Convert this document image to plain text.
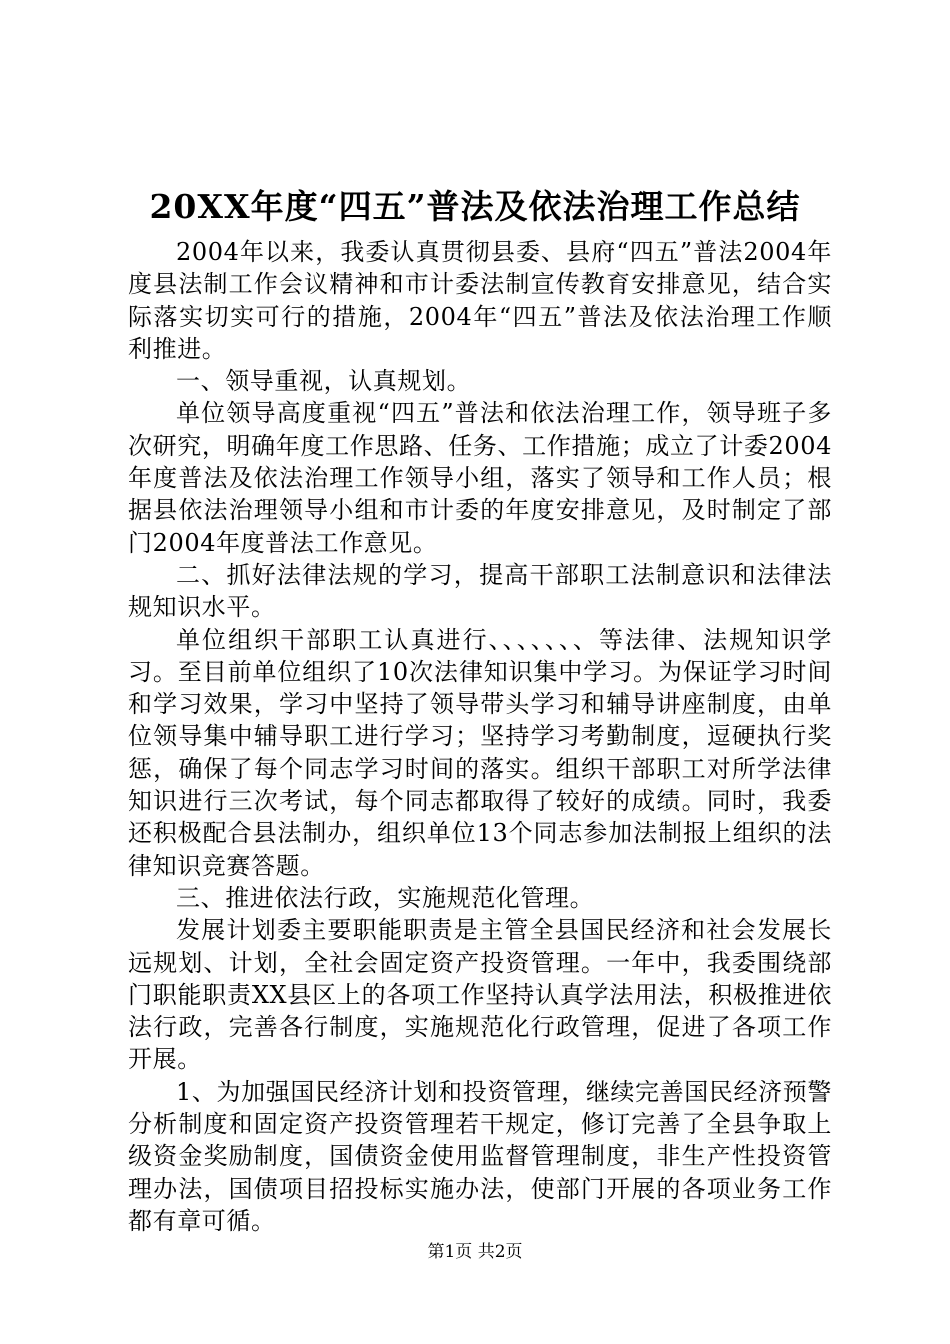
20XX年度“四五”普法及依法治理工作总结

2004年以来，我委认真贯彻县委、县府“四五”普法2004年度县法制工作会议精神和市计委法制宣传教育安排意见，结合实际落实切实可行的措施，2004年“四五”普法及依法治理工作顺利推进。

一、领导重视，认真规划。

单位领导高度重视“四五”普法和依法治理工作，领导班子多次研究，明确年度工作思路、任务、工作措施；成立了计委2004年度普法及依法治理工作领导小组，落实了领导和工作人员；根据县依法治理领导小组和市计委的年度安排意见，及时制定了部门2004年度普法工作意见。

二、抓好法律法规的学习，提高干部职工法制意识和法律法规知识水平。

单位组织干部职工认真进行、、、、、、、等法律、法规知识学习。至目前单位组织了10次法律知识集中学习。为保证学习时间和学习效果，学习中坚持了领导带头学习和辅导讲座制度，由单位领导集中辅导职工进行学习；坚持学习考勤制度，逗硬执行奖惩，确保了每个同志学习时间的落实。组织干部职工对所学法律知识进行三次考试，每个同志都取得了较好的成绩。同时，我委还积极配合县法制办，组织单位13个同志参加法制报上组织的法律知识竞赛答题。

三、推进依法行政，实施规范化管理。

发展计划委主要职能职责是主管全县国民经济和社会发展长远规划、计划，全社会固定资产投资管理。一年中，我委围绕部门职能职责XX县区上的各项工作坚持认真学法用法，积极推进依法行政，完善各行制度，实施规范化行政管理，促进了各项工作开展。

1、为加强国民经济计划和投资管理，继续完善国民经济预警分析制度和固定资产投资管理若干规定，修订完善了全县争取上级资金奖励制度，国债资金使用监督管理制度，非生产性投资管理办法，国债项目招投标实施办法，使部门开展的各项业务工作都有章可循。

第1页 共2页
